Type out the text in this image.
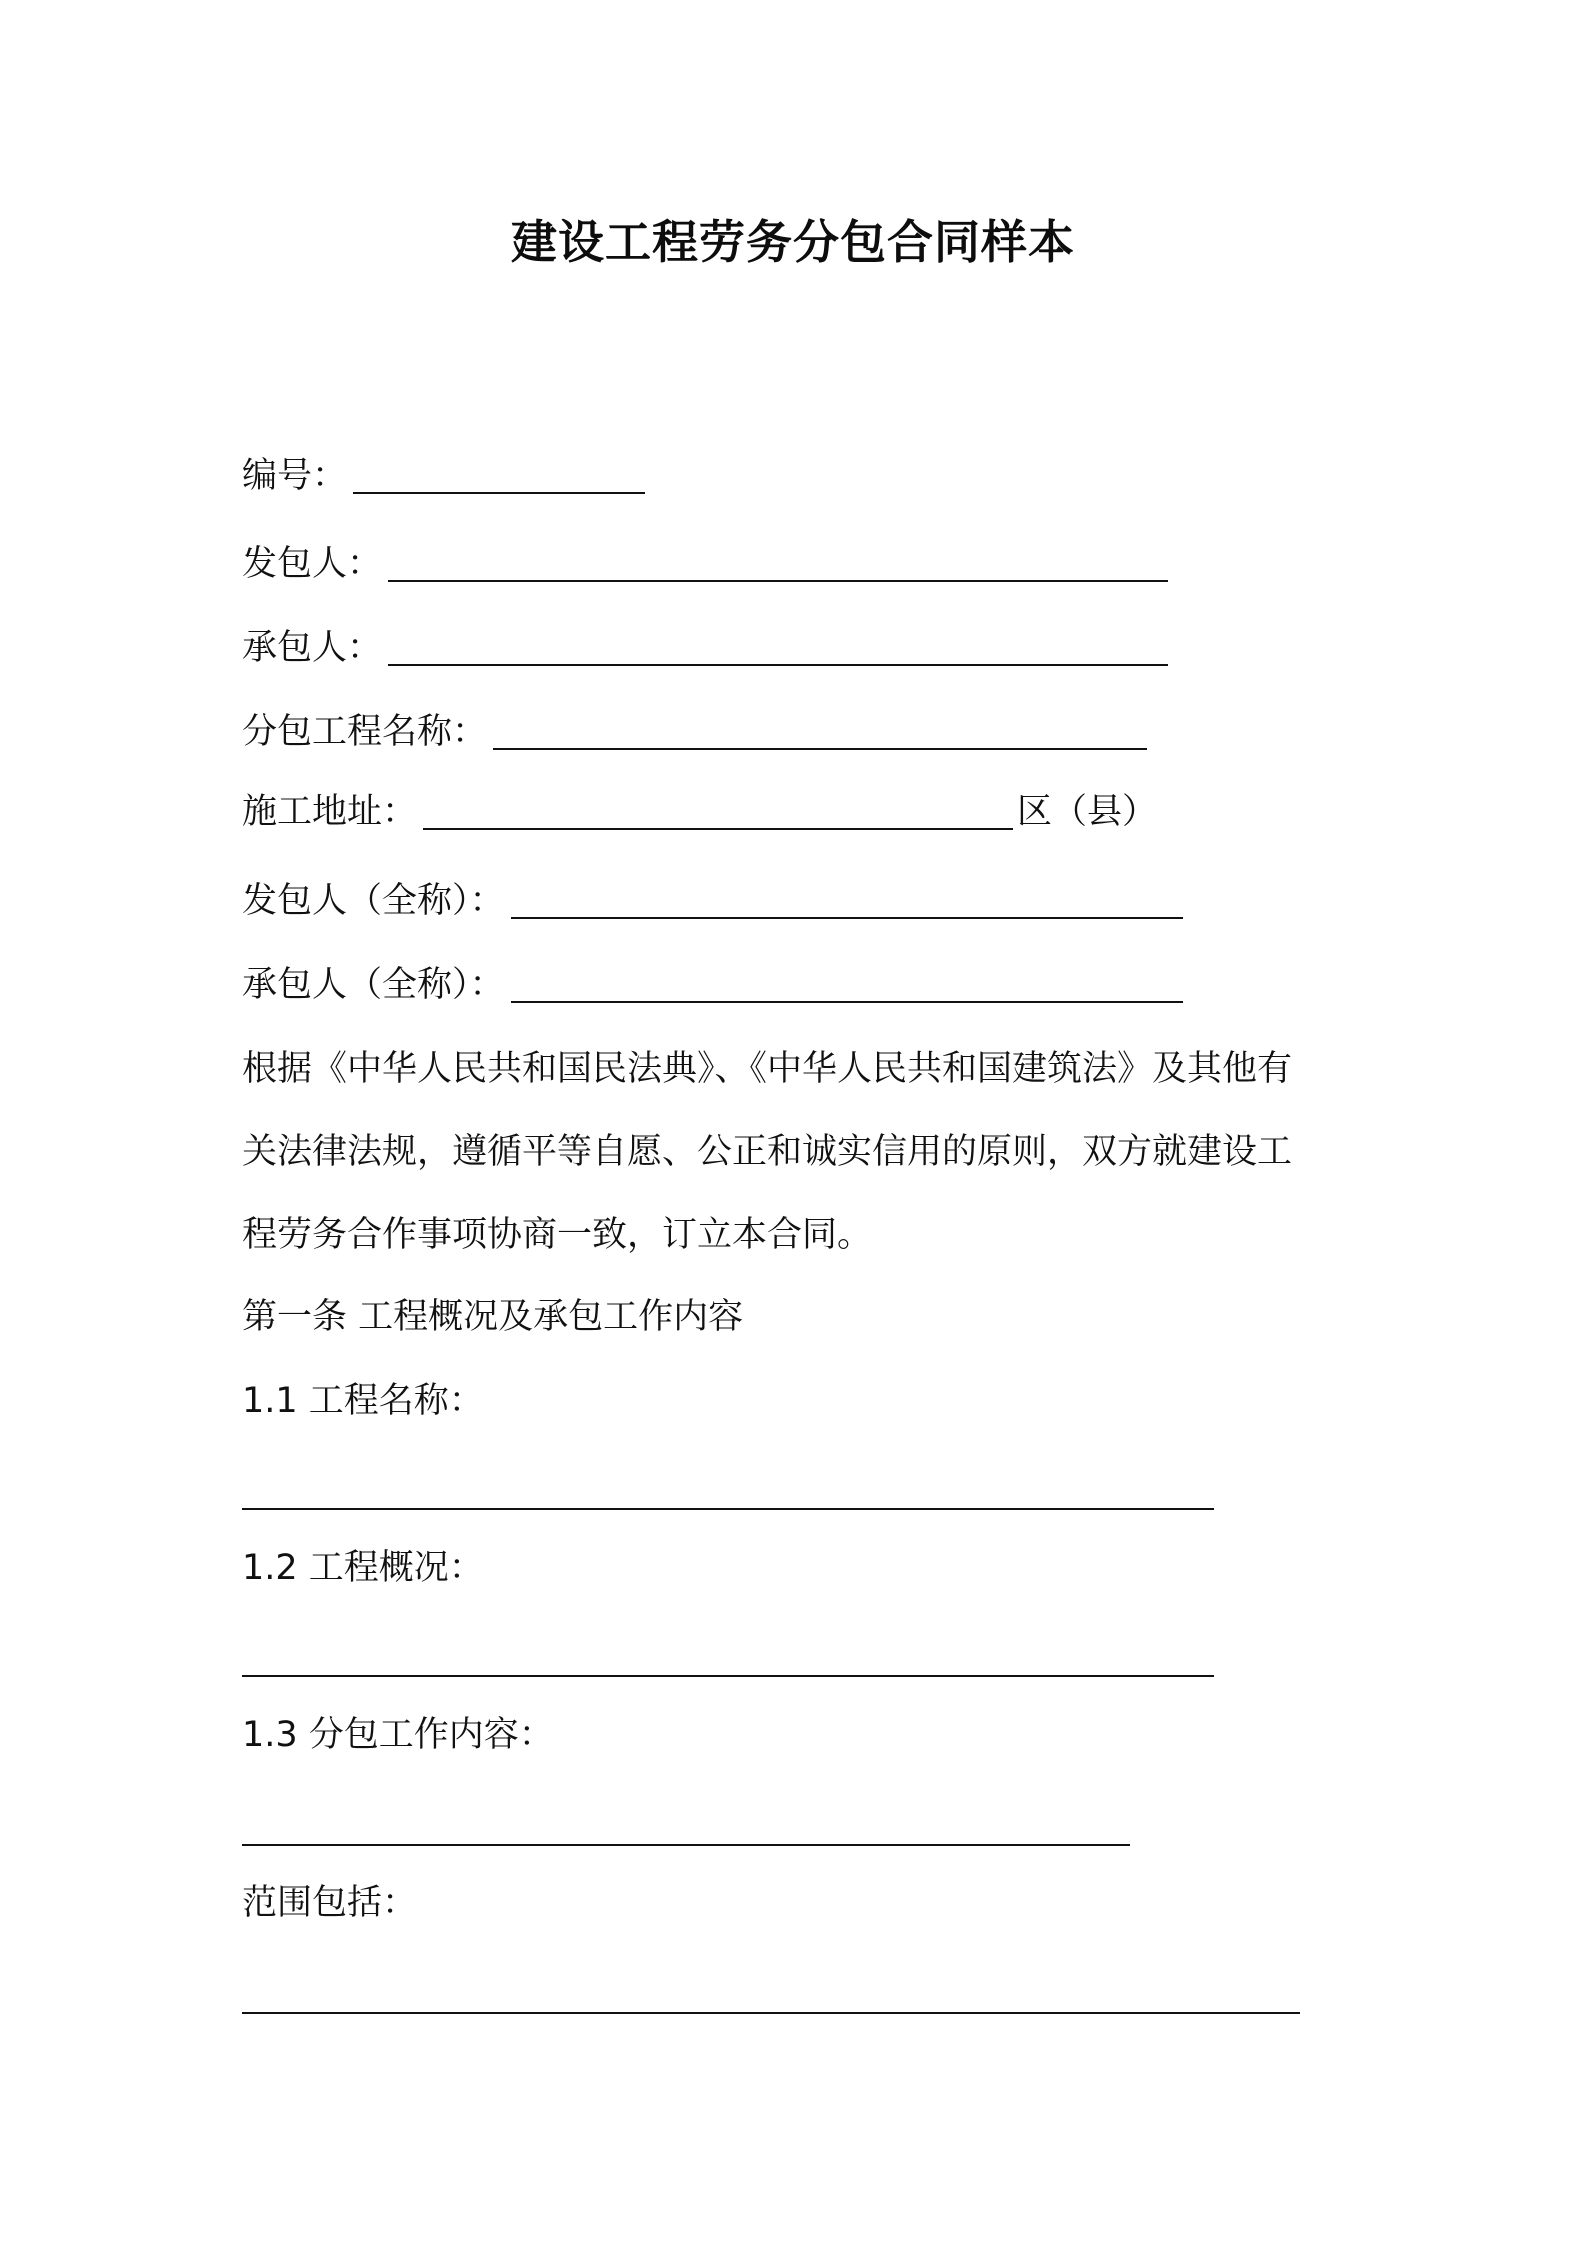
建设工程劳务分包合同样本
编号：
发包人：
承包人：
分包工程名称：
施工地址：	区（县）
发包人（全称）：
承包人（全称）：
根据《中华人民共和国民法典》、《中华人民共和国建筑法》及其他有
关法律法规，遵循平等自愿、公正和诚实信用的原则，双方就建设工
程劳务合作事项协商一致，订立本合同。
第一条 工程概况及承包工作内容
1.1 工程名称：
1.2 工程概况：
1.3 分包工作内容：
范围包括：
